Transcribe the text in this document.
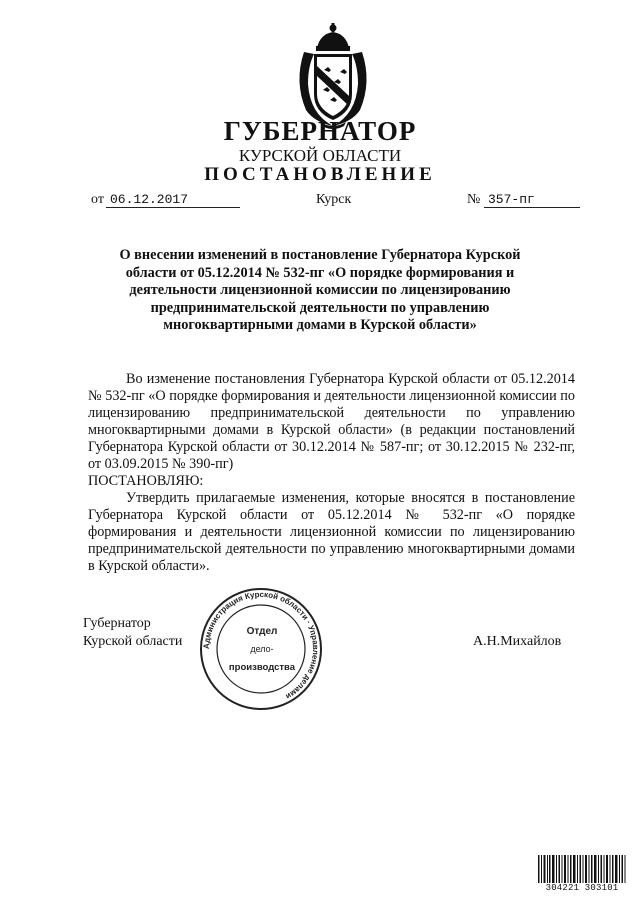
ГУБЕРНАТОР
КУРСКОЙ ОБЛАСТИ
ПОСТАНОВЛЕНИЕ
от 06.12.2017	Курск	№ 357-пг
О внесении изменений в постановление Губернатора Курской области от 05.12.2014 № 532-пг «О порядке формирования и деятельности лицензионной комиссии по лицензированию предпринимательской деятельности по управлению многоквартирными домами в Курской области»

Во изменение постановления Губернатора Курской области от 05.12.2014 № 532-пг «О порядке формирования и деятельности лицензионной комиссии по лицензированию предпринимательской деятельности по управлению многоквартирными домами в Курской области» (в редакции постановлений Губернатора Курской области от 30.12.2014 № 587-пг; от 30.12.2015 № 232-пг, от 03.09.2015 № 390-пг)

ПОСТАНОВЛЯЮ:

Утвердить прилагаемые изменения, которые вносятся в постановление Губернатора Курской области от 05.12.2014 № 532-пг «О порядке формирования и деятельности лицензионной комиссии по лицензированию предпринимательской деятельности по управлению многоквартирными домами в Курской области».

Губернатор
Курской области	А.Н.Михайлов
Администрация Курской области · Управление делами
Отдел
дело-
производства
304221 303101
